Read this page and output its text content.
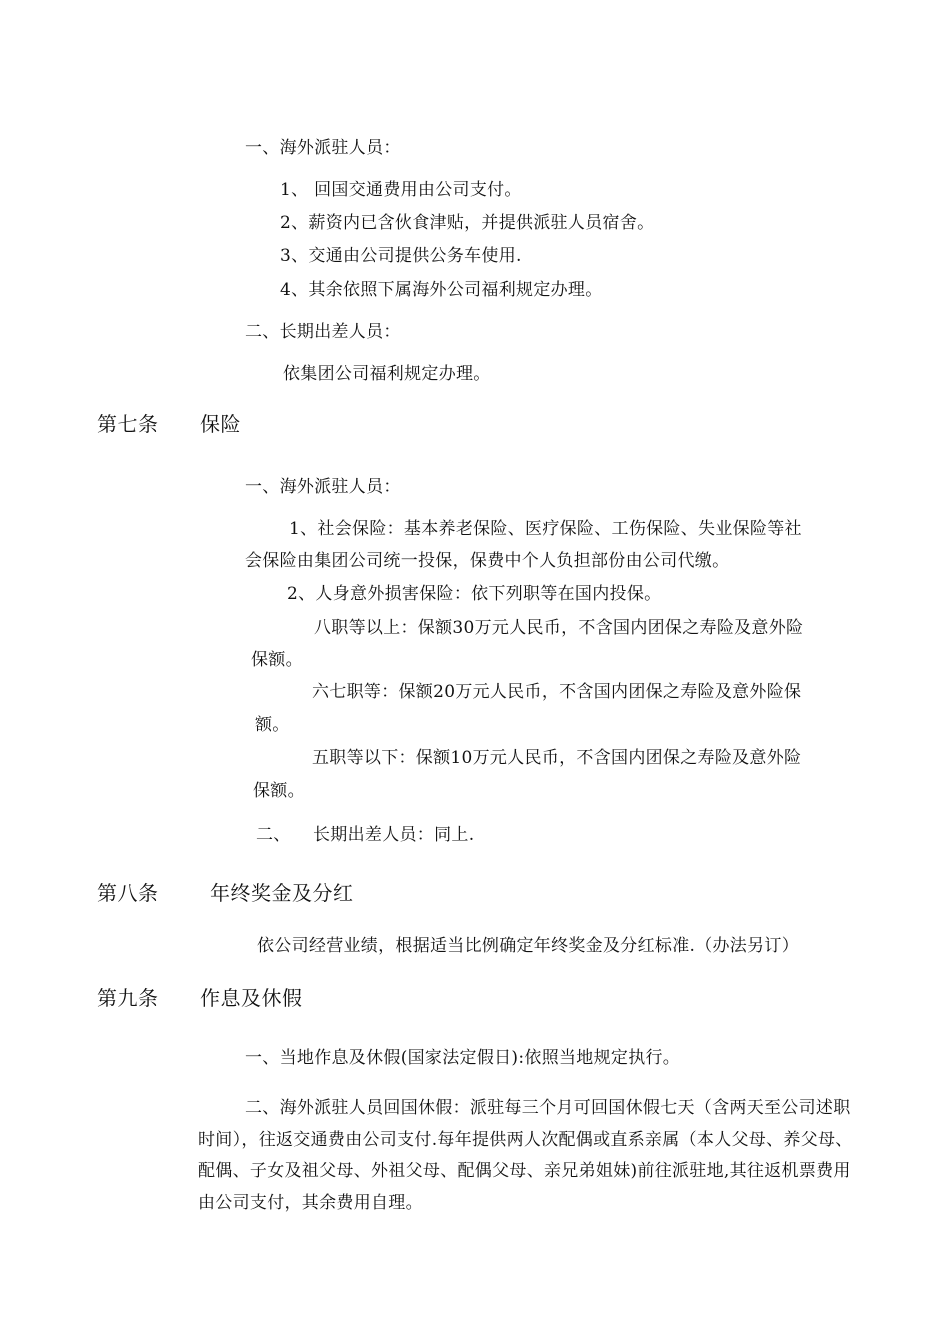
一、海外派驻人员：
1、 回国交通费用由公司支付。
2、薪资内已含伙食津贴，并提供派驻人员宿舍。
3、交通由公司提供公务车使用.
4、其余依照下属海外公司福利规定办理。
二、长期出差人员：
依集团公司福利规定办理。
第七条 保险
一、海外派驻人员：
1、社会保险：基本养老保险、医疗保险、工伤保险、失业保险等社
会保险由集团公司统一投保，保费中个人负担部份由公司代缴。
2、人身意外损害保险：依下列职等在国内投保。
八职等以上：保额30万元人民币，不含国内团保之寿险及意外险
保额。
六七职等：保额20万元人民币，不含国内团保之寿险及意外险保
额。
五职等以下：保额10万元人民币，不含国内团保之寿险及意外险
保额。
二、 长期出差人员：同上.
第八条	年终奖金及分红
依公司经营业绩，根据适当比例确定年终奖金及分红标准.（办法另订）
第九条 作息及休假
一、当地作息及休假(国家法定假日):依照当地规定执行。
二、海外派驻人员回国休假：派驻每三个月可回国休假七天（含两天至公司述职时间），往返交通费由公司支付.每年提供两人次配偶或直系亲属（本人父母、养父母、配偶、子女及祖父母、外祖父母、配偶父母、亲兄弟姐妹)前往派驻地,其往返机票费用由公司支付，其余费用自理。
